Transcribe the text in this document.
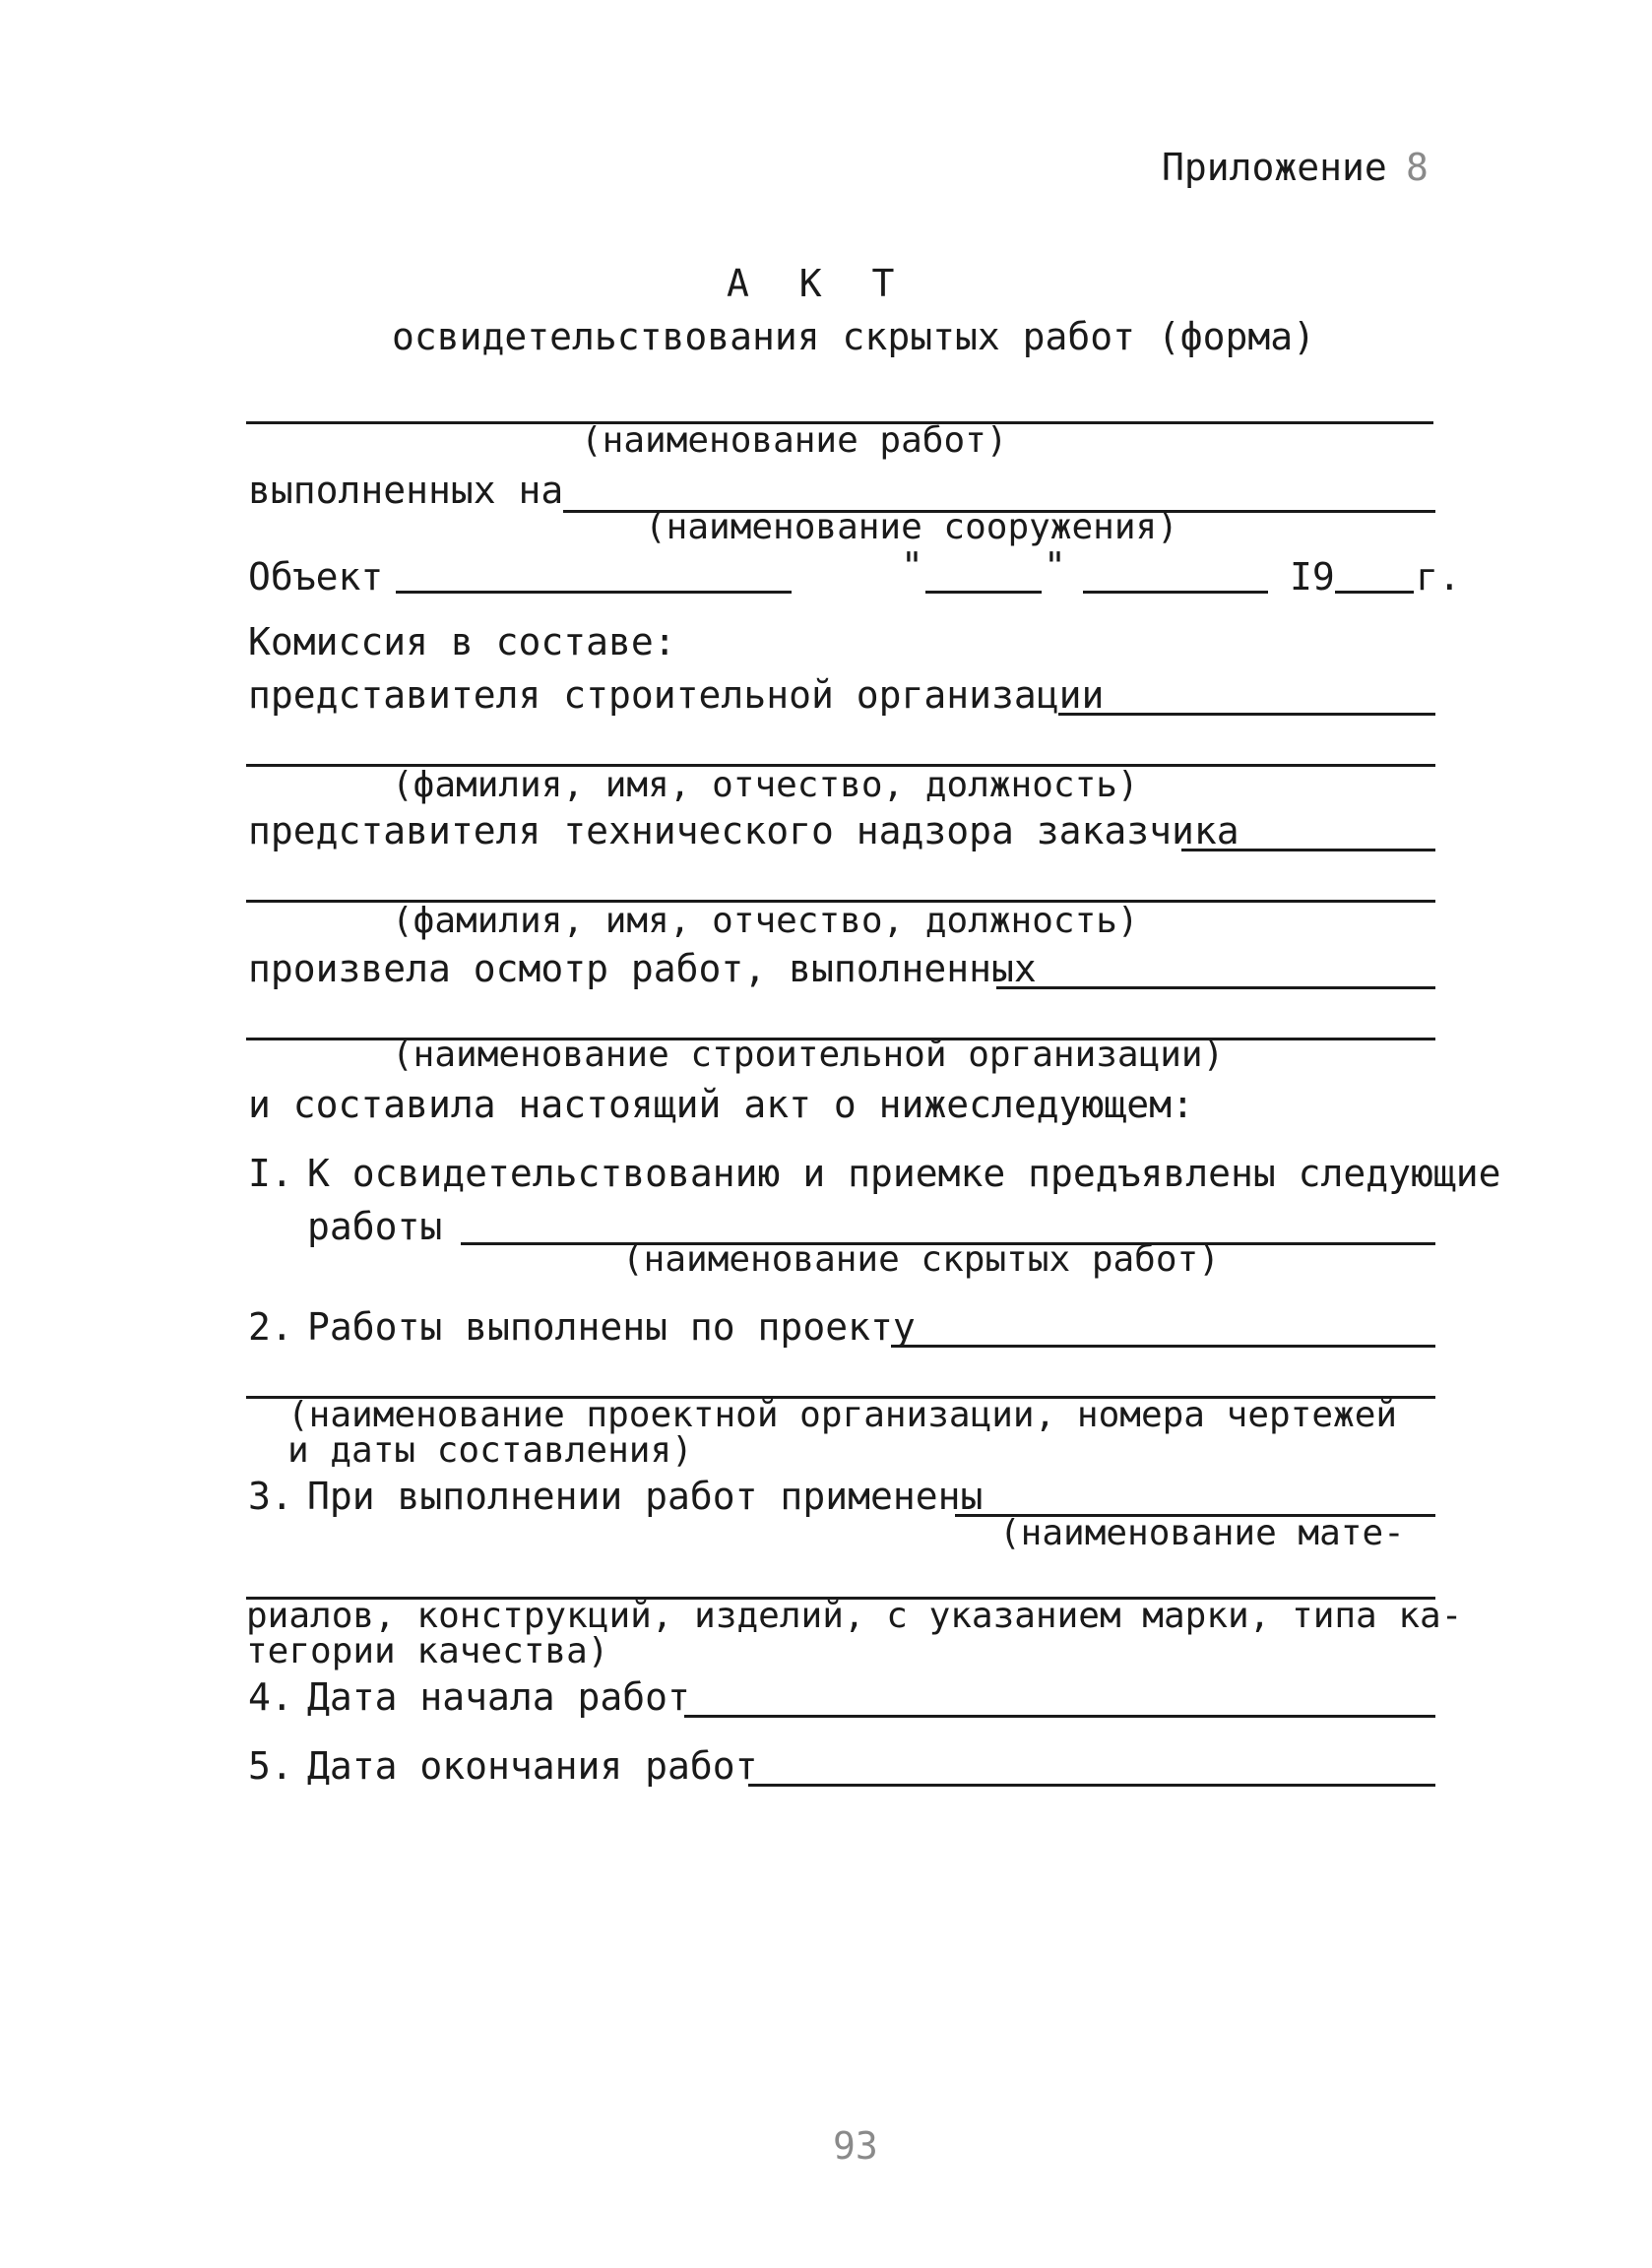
Приложение 8
А К Т
освидетельствования скрытых работ (форма)
(наименование работ)
выполненных на
(наименование сооружения)
Объект	"	"	I9 г.
Комиссия в составе:
представителя строительной организации
(фамилия, имя, отчество, должность)
представителя технического надзора заказчика
(фамилия, имя, отчество, должность)
произвела осмотр работ, выполненных
(наименование строительной организации)
и составила настоящий акт о нижеследующем:
I. К освидетельствованию и приемке предъявлены следующие
работы
(наименование скрытых работ)
2. Работы выполнены по проекту
(наименование проектной организации, номера чертежей
и даты составления)
3. При выполнении работ применены
(наименование мате-
риалов, конструкций, изделий, с указанием марки, типа ка-
тегории качества)
4. Дата начала работ
5. Дата окончания работ
93
